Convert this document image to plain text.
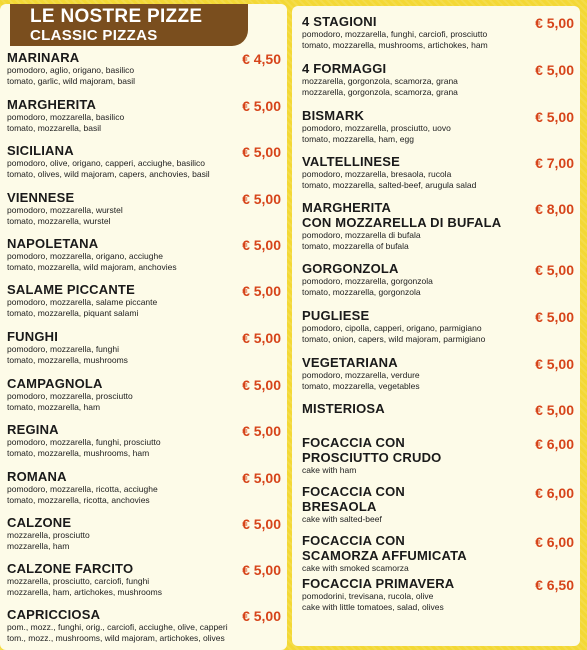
LE NOSTRE PIZZE
CLASSIC PIZZAS
MARINARA	€ 4,50
pomodoro, aglio, origano, basilico
tomato, garlic, wild majoram, basil
MARGHERITA	€ 5,00
pomodoro, mozzarella, basilico
tomato, mozzarella, basil
SICILIANA	€ 5,00
pomodoro, olive, origano, capperi, acciughe, basilico
tomato, olives, wild majoram, capers, anchovies, basil
VIENNESE	€ 5,00
pomodoro, mozzarella, wurstel
tomato, mozzarella, wurstel
NAPOLETANA	€ 5,00
pomodoro, mozzarella, origano, acciughe
tomato, mozzarella, wild majoram, anchovies
SALAME PICCANTE	€ 5,00
pomodoro, mozzarella, salame piccante
tomato, mozzarella, piquant salami
FUNGHI	€ 5,00
pomodoro, mozzarella, funghi
tomato, mozzarella, mushrooms
CAMPAGNOLA	€ 5,00
pomodoro, mozzarella, prosciutto
tomato, mozzarella, ham
REGINA	€ 5,00
pomodoro, mozzarella, funghi, prosciutto
tomato, mozzarella, mushrooms, ham
ROMANA	€ 5,00
pomodoro, mozzarella, ricotta, acciughe
tomato, mozzarella, ricotta, anchovies
CALZONE	€ 5,00
mozzarella, prosciutto
mozzarella, ham
CALZONE FARCITO	€ 5,00
mozzarella, prosciutto, carciofi, funghi
mozzarella, ham, artichokes, mushrooms
CAPRICCIOSA	€ 5,00
pom., mozz., funghi, orig., carciofi, acciughe, olive, capperi
tom., mozz., mushrooms, wild majoram, artichokes, olives
4 STAGIONI	€ 5,00
pomodoro, mozzarella, funghi, carciofi, prosciutto
tomato, mozzarella, mushrooms, artichokes, ham
4 FORMAGGI	€ 5,00
mozzarella, gorgonzola, scamorza, grana
mozzarella, gorgonzola, scamorza, grana
BISMARK	€ 5,00
pomodoro, mozzarella, prosciutto, uovo
tomato, mozzarella, ham, egg
VALTELLINESE	€ 7,00
pomodoro, mozzarella, bresaola, rucola
tomato, mozzarella, salted-beef, arugula salad
MARGHERITA
CON MOZZARELLA DI BUFALA
€ 8,00
pomodoro, mozzarella di bufala
tomato, mozzarella of bufala
GORGONZOLA	€ 5,00
pomodoro, mozzarella, gorgonzola
tomato, mozzarella, gorgonzola
PUGLIESE	€ 5,00
pomodoro, cipolla, capperi, origano, parmigiano
tomato, onion, capers, wild majoram, parmigiano
VEGETARIANA	€ 5,00
pomodoro, mozzarella, verdure
tomato, mozzarella, vegetables
MISTERIOSA	€ 5,00
FOCACCIA CON
PROSCIUTTO CRUDO
€ 6,00
cake with ham
FOCACCIA CON
BRESAOLA
€ 6,00
cake with salted-beef
FOCACCIA CON
SCAMORZA AFFUMICATA
€ 6,00
cake with smoked scamorza
FOCACCIA PRIMAVERA	€ 6,50
pomodorini, trevisana, rucola, olive
cake with little tomatoes, salad, olives
